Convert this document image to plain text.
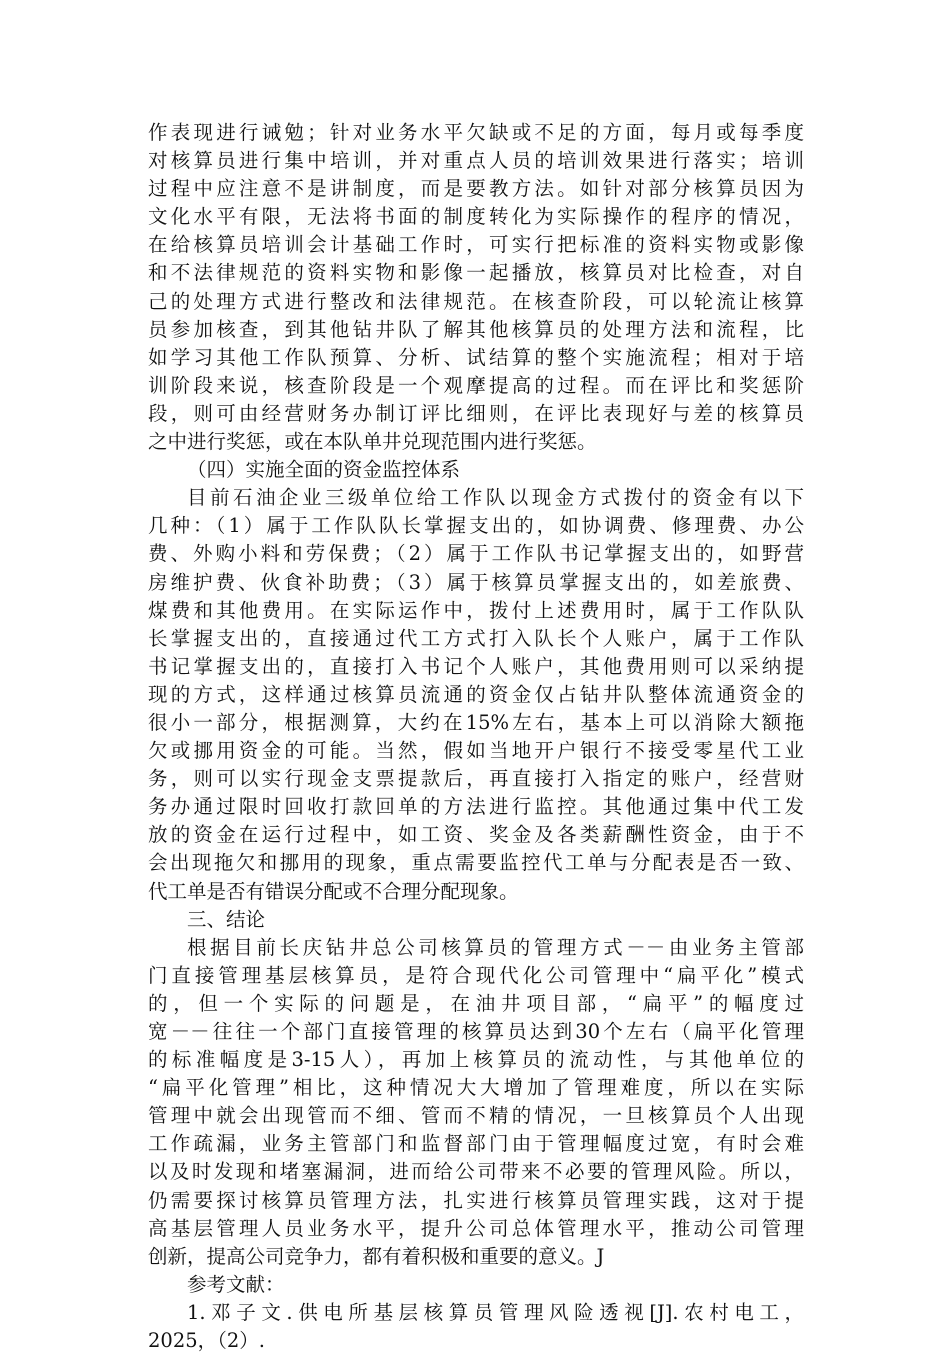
作表现进行诫勉；针对业务水平欠缺或不足的方面，每月或每季度
对核算员进行集中培训，并对重点人员的培训效果进行落实；培训
过程中应注意不是讲制度，而是要教方法。如针对部分核算员因为
文化水平有限，无法将书面的制度转化为实际操作的程序的情况，
在给核算员培训会计基础工作时，可实行把标准的资料实物或影像
和不法律规范的资料实物和影像一起播放，核算员对比检查，对自
己的处理方式进行整改和法律规范。在核查阶段，可以轮流让核算
员参加核查，到其他钻井队了解其他核算员的处理方法和流程，比
如学习其他工作队预算、分析、试结算的整个实施流程；相对于培
训阶段来说，核查阶段是一个观摩提高的过程。而在评比和奖惩阶
段，则可由经营财务办制订评比细则，在评比表现好与差的核算员
之中进行奖惩，或在本队单井兑现范围内进行奖惩。
（四）实施全面的资金监控体系
目前石油企业三级单位给工作队以现金方式拨付的资金有以下
几种：（1）属于工作队队长掌握支出的，如协调费、修理费、办公
费、外购小料和劳保费；（2）属于工作队书记掌握支出的，如野营
房维护费、伙食补助费；（3）属于核算员掌握支出的，如差旅费、
煤费和其他费用。在实际运作中，拨付上述费用时，属于工作队队
长掌握支出的，直接通过代工方式打入队长个人账户，属于工作队
书记掌握支出的，直接打入书记个人账户，其他费用则可以采纳提
现的方式，这样通过核算员流通的资金仅占钻井队整体流通资金的
很小一部分，根据测算，大约在15%左右，基本上可以消除大额拖
欠或挪用资金的可能。当然，假如当地开户银行不接受零星代工业
务，则可以实行现金支票提款后，再直接打入指定的账户，经营财
务办通过限时回收打款回单的方法进行监控。其他通过集中代工发
放的资金在运行过程中，如工资、奖金及各类薪酬性资金，由于不
会出现拖欠和挪用的现象，重点需要监控代工单与分配表是否一致、
代工单是否有错误分配或不合理分配现象。
三、结论
根据目前长庆钻井总公司核算员的管理方式－－由业务主管部
门直接管理基层核算员，是符合现代化公司管理中“扁平化”模式
的，但一个实际的问题是，在油井项目部，“扁平”的幅度过
宽－－往往一个部门直接管理的核算员达到30个左右（扁平化管理
的标准幅度是3-15人），再加上核算员的流动性，与其他单位的
“扁平化管理”相比，这种情况大大增加了管理难度，所以在实际
管理中就会出现管而不细、管而不精的情况，一旦核算员个人出现
工作疏漏，业务主管部门和监督部门由于管理幅度过宽，有时会难
以及时发现和堵塞漏洞，进而给公司带来不必要的管理风险。所以，
仍需要探讨核算员管理方法，扎实进行核算员管理实践，这对于提
高基层管理人员业务水平，提升公司总体管理水平，推动公司管理
创新，提高公司竞争力，都有着积极和重要的意义。J
参考文献：
1.邓子文.供电所基层核算员管理风险透视[J].农村电工，
2025，（2）.
